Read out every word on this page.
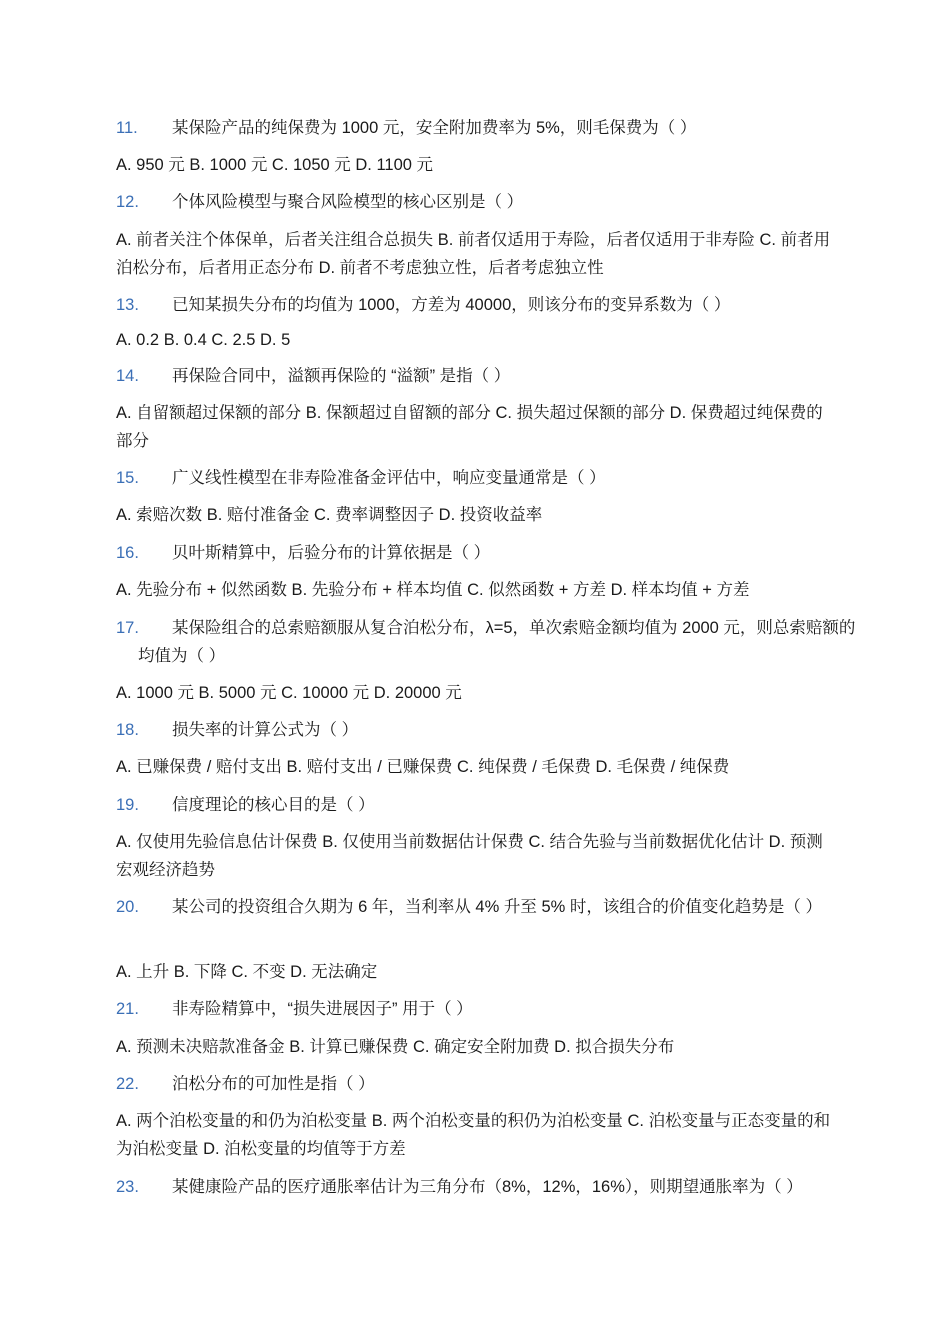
11. 某保险产品的纯保费为 1000 元，安全附加费率为 5%，则毛保费为（ ）
A. 950 元 B. 1000 元 C. 1050 元 D. 1100 元
12. 个体风险模型与聚合风险模型的核心区别是（ ）
A. 前者关注个体保单，后者关注组合总损失 B. 前者仅适用于寿险，后者仅适用于非寿险 C. 前者用泊松分布，后者用正态分布 D. 前者不考虑独立性，后者考虑独立性
13. 已知某损失分布的均值为 1000，方差为 40000，则该分布的变异系数为（ ）
A. 0.2 B. 0.4 C. 2.5 D. 5
14. 再保险合同中，溢额再保险的 “溢额” 是指（ ）
A. 自留额超过保额的部分 B. 保额超过自留额的部分 C. 损失超过保额的部分 D. 保费超过纯保费的部分
15. 广义线性模型在非寿险准备金评估中，响应变量通常是（ ）
A. 索赔次数 B. 赔付准备金 C. 费率调整因子 D. 投资收益率
16. 贝叶斯精算中，后验分布的计算依据是（ ）
A. 先验分布 + 似然函数 B. 先验分布 + 样本均值 C. 似然函数 + 方差 D. 样本均值 + 方差
17. 某保险组合的总索赔额服从复合泊松分布，λ=5，单次索赔金额均值为 2000 元，则总索赔额的均值为（ ）
A. 1000 元 B. 5000 元 C. 10000 元 D. 20000 元
18. 损失率的计算公式为（ ）
A. 已赚保费 / 赔付支出 B. 赔付支出 / 已赚保费 C. 纯保费 / 毛保费 D. 毛保费 / 纯保费
19. 信度理论的核心目的是（ ）
A. 仅使用先验信息估计保费 B. 仅使用当前数据估计保费 C. 结合先验与当前数据优化估计 D. 预测宏观经济趋势
20. 某公司的投资组合久期为 6 年，当利率从 4% 升至 5% 时，该组合的价值变化趋势是（ ）
A. 上升 B. 下降 C. 不变 D. 无法确定
21. 非寿险精算中，“损失进展因子” 用于（ ）
A. 预测未决赔款准备金 B. 计算已赚保费 C. 确定安全附加费 D. 拟合损失分布
22. 泊松分布的可加性是指（ ）
A. 两个泊松变量的和仍为泊松变量 B. 两个泊松变量的积仍为泊松变量 C. 泊松变量与正态变量的和为泊松变量 D. 泊松变量的均值等于方差
23. 某健康险产品的医疗通胀率估计为三角分布（8%，12%，16%），则期望通胀率为（ ）
